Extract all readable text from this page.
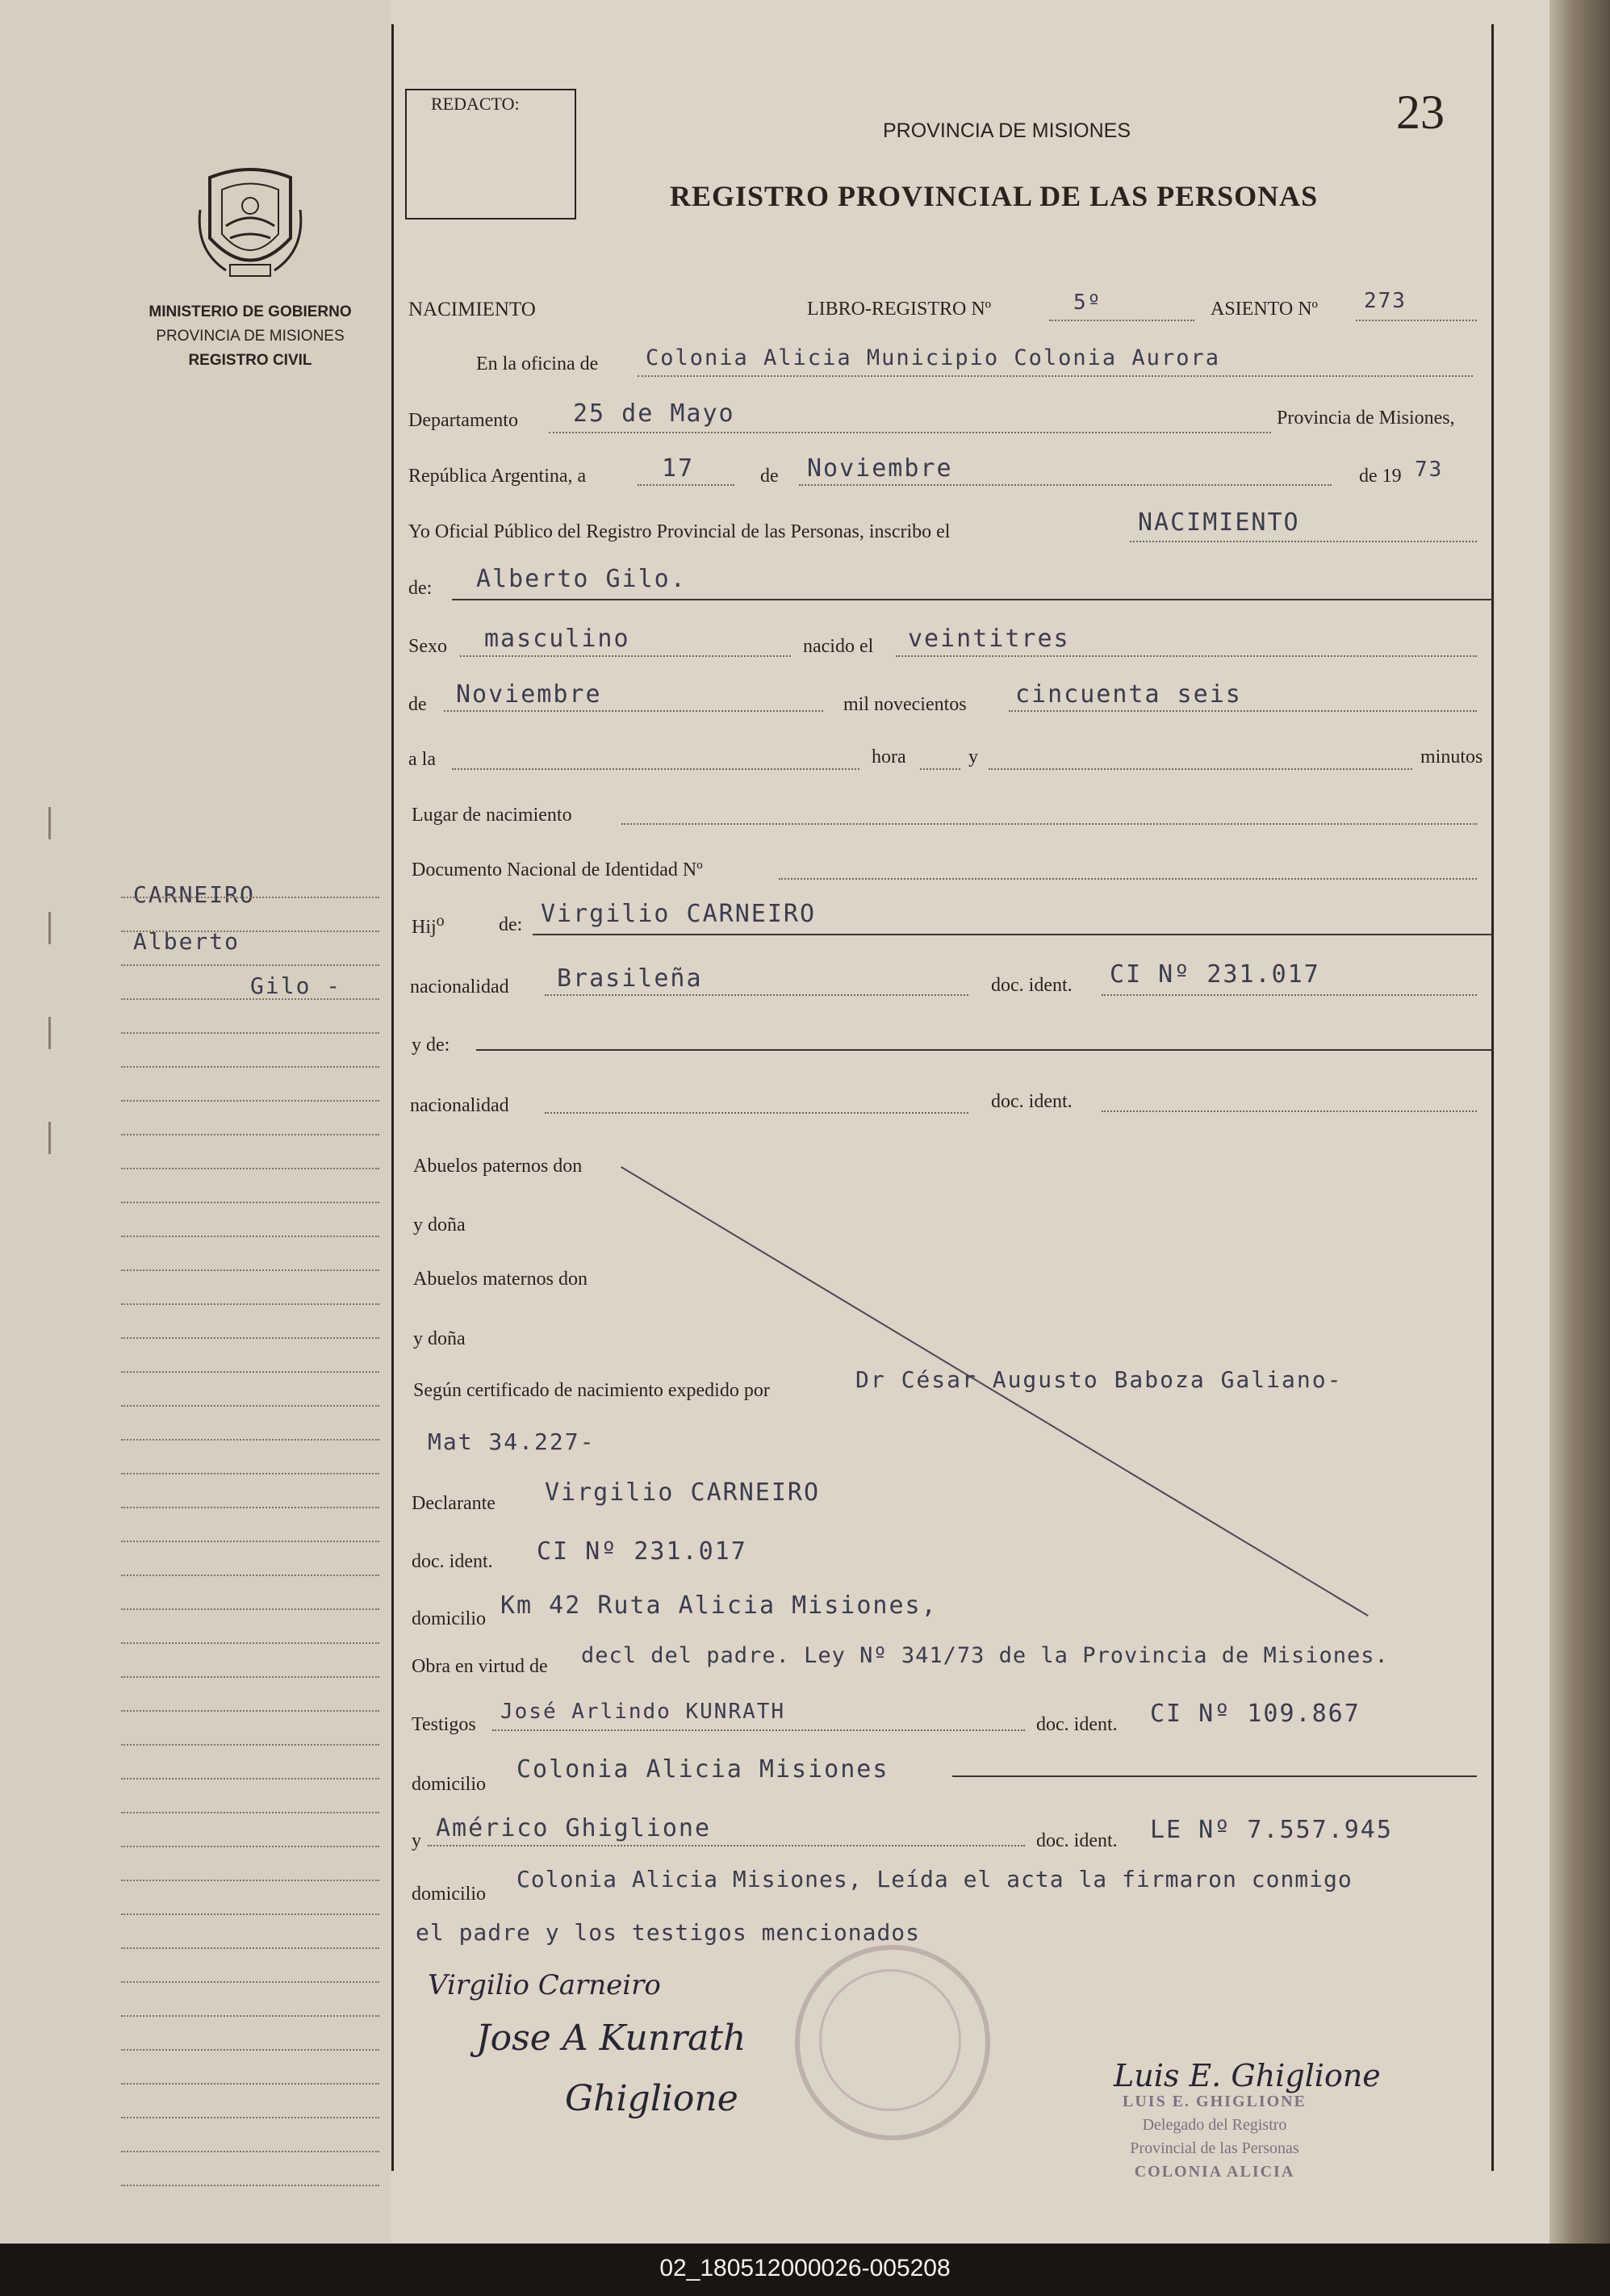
MINISTERIO DE GOBIERNO
PROVINCIA DE MISIONES
REGISTRO CIVIL
CARNEIRO
Alberto
Gilo -
REDACTO:	23
PROVINCIA DE MISIONES
REGISTRO PROVINCIAL DE LAS PERSONAS
NACIMIENTO	LIBRO-REGISTRO Nº	5º	ASIENTO Nº 273
En la oficina de Colonia Alicia Municipio Colonia Aurora
Departamento 25 de Mayo	Provincia de Misiones,
República Argentina, a	17	de Noviembre	de 19 73
Yo Oficial Público del Registro Provincial de las Personas, inscribo el	NACIMIENTO
de: Alberto Gilo.
Sexo masculino	nacido el veintitres
de Noviembre	mil novecientos cincuenta seis
a la	hora	y	minutos
Lugar de nacimiento
Documento Nacional de Identidad Nº
Hij$^o$	de: Virgilio CARNEIRO
nacionalidad Brasileña	doc. ident. CI Nº 231.017
y de:
nacionalidad	doc. ident.
Abuelos paternos don
y doña
Abuelos maternos don
y doña
Según certificado de nacimiento expedido por	Dr César Augusto Baboza Galiano-
Mat 34.227-
Declarante Virgilio CARNEIRO
doc. ident. CI Nº 231.017
domicilio Km 42 Ruta Alicia Misiones,
Obra en virtud de decl del padre. Ley Nº 341/73 de la Provincia de Misiones.
Testigos
José Arlindo KUNRATH
doc. ident. CI Nº 109.867
domicilio
Colonia Alicia Misiones
y Américo Ghiglione	doc. ident. LE Nº 7.557.945
domicilio
Colonia Alicia Misiones, Leída el acta la firmaron conmigo
el padre y los testigos mencionados
Virgilio Carneiro
Jose A Kunrath
Ghiglione
Luis E. Ghiglione
LUIS E. GHIGLIONE
Delegado del Registro
Provincial de las Personas
COLONIA ALICIA
02_180512000026-005208
